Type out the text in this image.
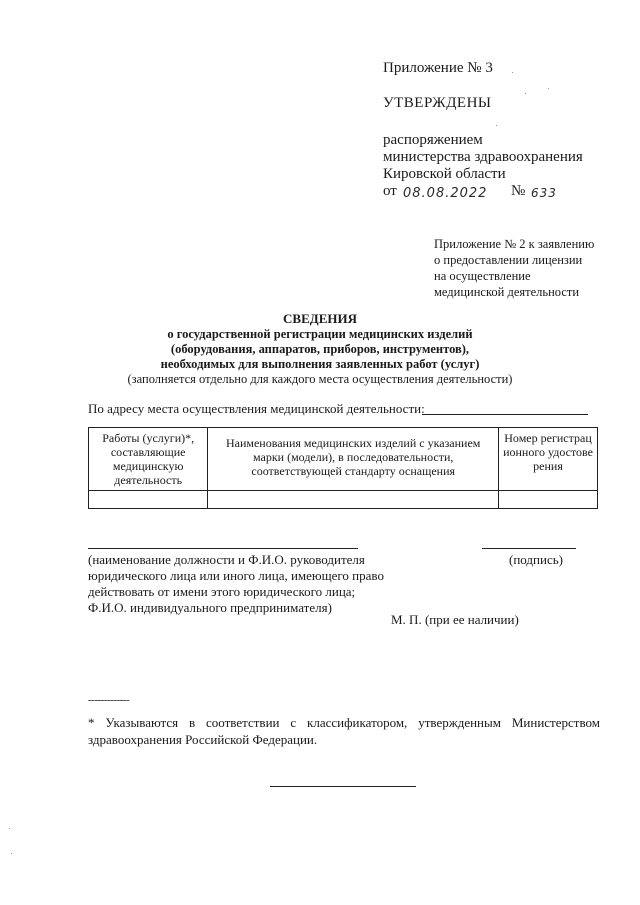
Приложение № 3
УТВЕРЖДЕНЫ
распоряжением
министерства здравоохранения
Кировской области
от 08.08.2022 № 633
Приложение № 2 к заявлению
о предоставлении лицензии
на осуществление
медицинской деятельности
СВЕДЕНИЯ
о государственной регистрации медицинских изделий
(оборудования, аппаратов, приборов, инструментов),
необходимых для выполнения заявленных работ (услуг)
(заполняется отдельно для каждого места осуществления деятельности)
По адресу места осуществления медицинской деятельности:
Работы (услуги)*, составляющие медицинскую деятельность	Наименования медицинских изделий с указанием марки (модели), в последовательности, соответствующей стандарту оснащения	Номер регистрационного удостоверения

(наименование должности и Ф.И.О. руководителя
юридического лица или иного лица, имеющего право
действовать от имени этого юридического лица;
Ф.И.О. индивидуального предпринимателя)
(подпись)
М. П. (при ее наличии)
-------------
* Указываются в соответствии с классификатором, утвержденным Министерством здравоохранения Российской Федерации.
